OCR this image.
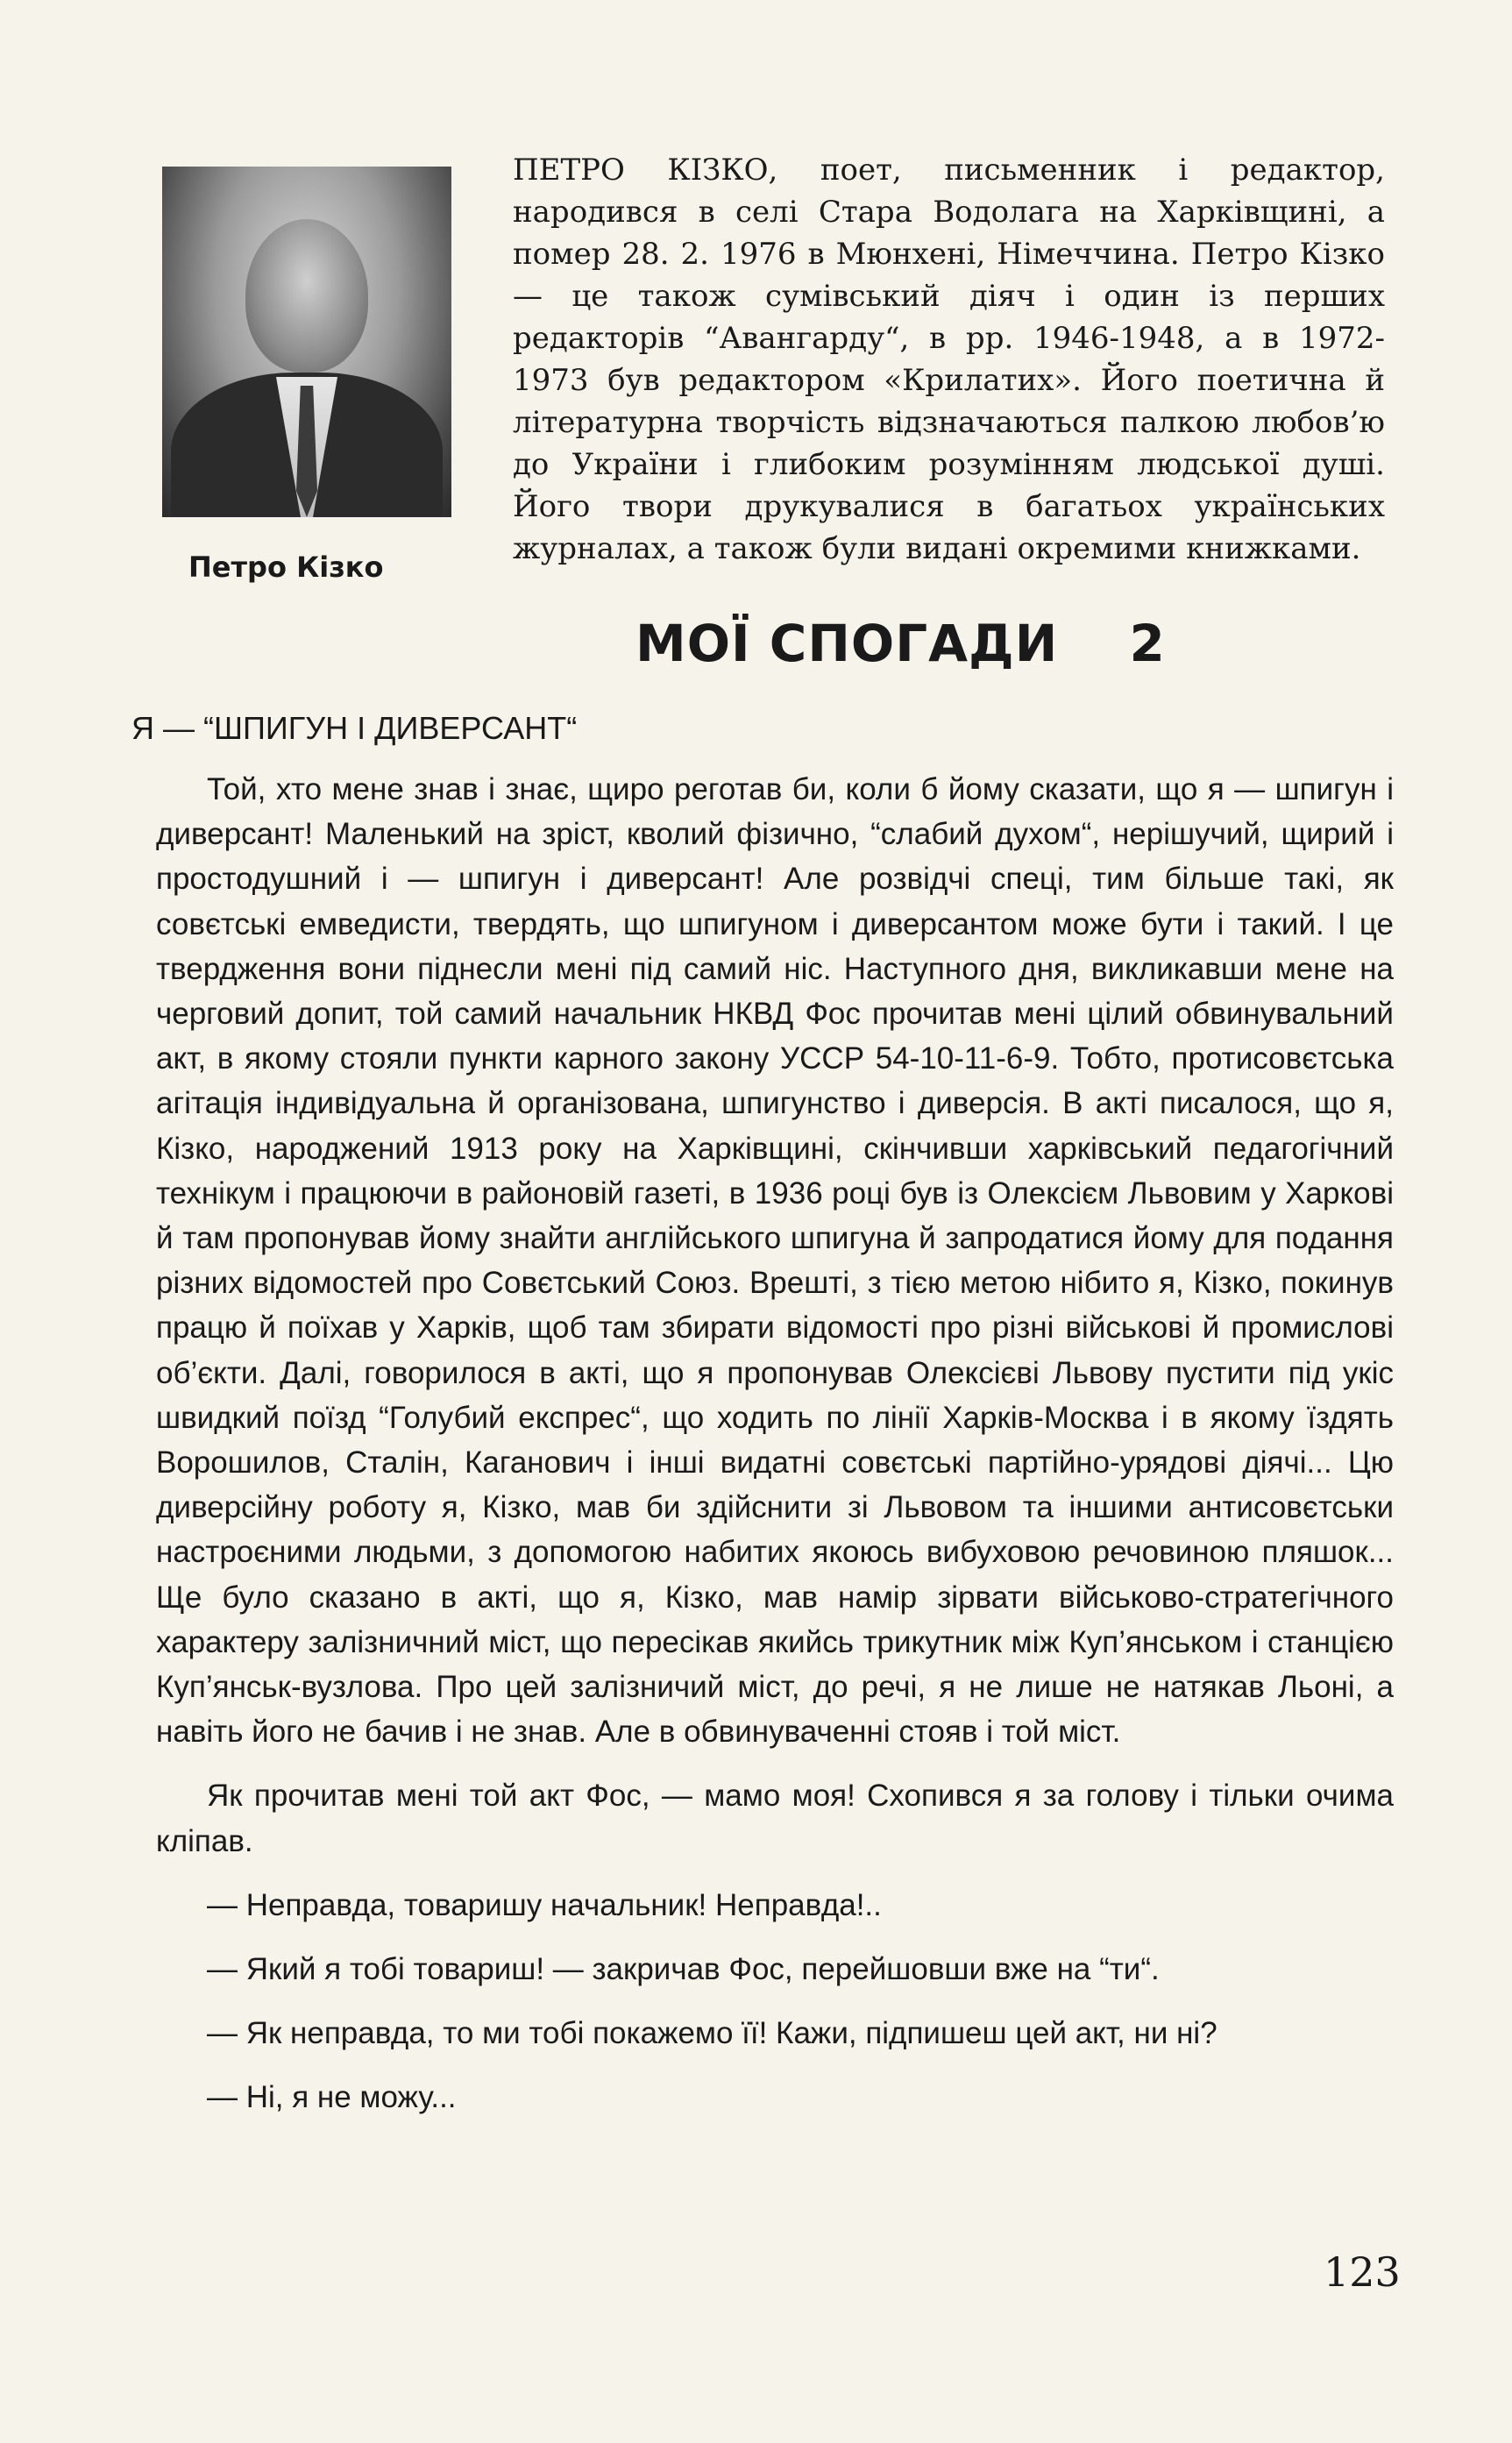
Петро Кізко
ПЕТРО КІЗКО, поет, письменник і редактор, народився в селі Стара Водолага на Харківщині, а помер 28. 2. 1976 в Мюнхені, Німеччина. Петро Кізко — це також сумівський діяч і один із перших редакторів “Авангарду“, в рр. 1946-1948, а в 1972-1973 був редактором «Крилатих». Його поетична й літературна творчість відзначаються палкою любов’ю до України і глибоким розумінням людської душі. Його твори друкувалися в багатьох українських журналах, а також були видані окремими книжками.
МОЇ СПОГАДИ 2
Я — “ШПИГУН І ДИВЕРСАНТ“

Той, хто мене знав і знає, щиро реготав би, коли б йому сказати, що я — шпигун і диверсант! Маленький на зріст, кволий фізично, “слабий духом“, нерішучий, щирий і простодушний і — шпигун і диверсант! Але розвідчі спеці, тим більше такі, як совєтські емведисти, твердять, що шпигуном і диверсантом може бути і такий. І це твердження вони піднесли мені під самий ніс. Наступного дня, викликавши мене на черговий допит, той самий начальник НКВД Фос прочитав мені цілий обвинувальний акт, в якому стояли пункти карного закону УССР 54-10-11-6-9. Тобто, протисовєтська агітація індивідуальна й організована, шпигунство і диверсія. В акті писалося, що я, Кізко, народжений 1913 року на Харківщині, скінчивши харківський педагогічний технікум і працюючи в районовій газеті, в 1936 році був із Олексієм Львовим у Харкові й там пропонував йому знайти англійського шпигуна й запродатися йому для подання різних відомостей про Совєтський Союз. Врешті, з тією метою нібито я, Кізко, покинув працю й поїхав у Харків, щоб там збирати відомості про різні військові й промислові об’єкти. Далі, говорилося в акті, що я пропонував Олексієві Львову пустити під укіс швидкий поїзд “Голубий експрес“, що ходить по лінії Харків-Москва і в якому їздять Ворошилов, Сталін, Каганович і інші видатні совєтські партійно-урядові діячі... Цю диверсійну роботу я, Кізко, мав би здійснити зі Львовом та іншими антисовєтськи настроєними людьми, з допомогою набитих якоюсь вибуховою речовиною пляшок... Ще було сказано в акті, що я, Кізко, мав намір зірвати військово-стратегічного характеру залізничний міст, що пересікав якийсь трикутник між Куп’янськом і станцією Куп’янськ-вузлова. Про цей залізничий міст, до речі, я не лише не натякав Льоні, а навіть його не бачив і не знав. Але в обвинуваченні стояв і той міст.

Як прочитав мені той акт Фос, — мамо моя! Схопився я за голову і тільки очима кліпав.

— Неправда, товаришу начальник! Неправда!..

— Який я тобі товариш! — закричав Фос, перейшовши вже на “ти“.

— Як неправда, то ми тобі покажемо її! Кажи, підпишеш цей акт, ни ні?

— Ні, я не можу...

123
